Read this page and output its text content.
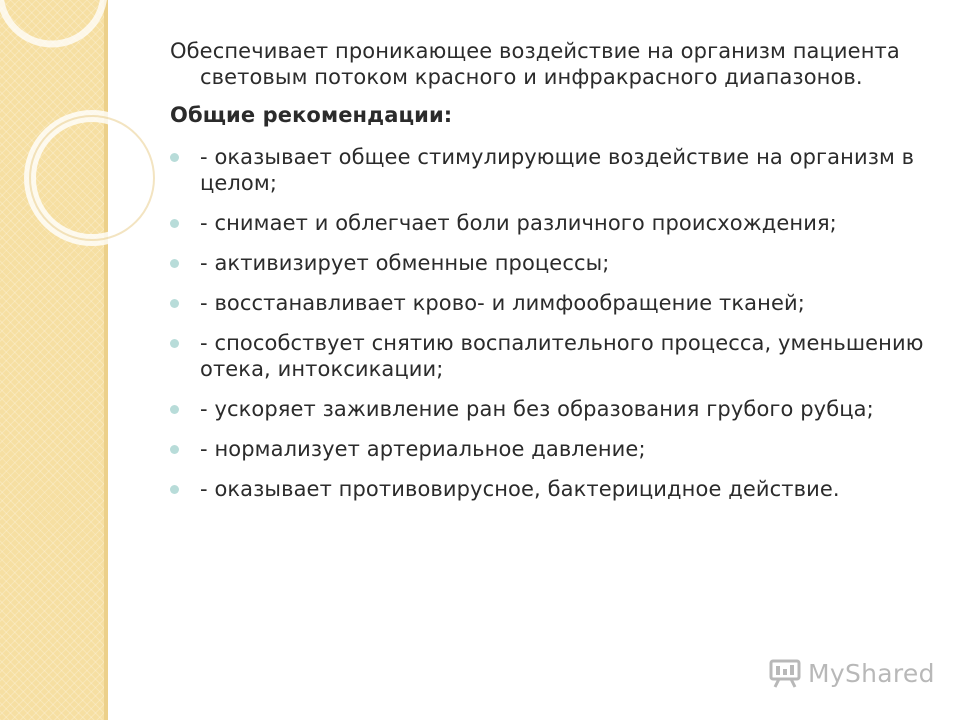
Обеспечивает проникающее воздействие на организм пациента световым потоком красного и инфракрасного диапазонов.

Общие рекомендации:

- оказывает общее стимулирующие воздействие на организм в целом;
- снимает и облегчает боли различного происхождения;
- активизирует обменные процессы;
- восстанавливает крово- и лимфообращение тканей;
- способствует снятию воспалительного процесса, уменьшению отека, интоксикации;
- ускоряет заживление ран без образования грубого рубца;
- нормализует артериальное давление;
- оказывает противовирусное, бактерицидное действие.
MyShared
